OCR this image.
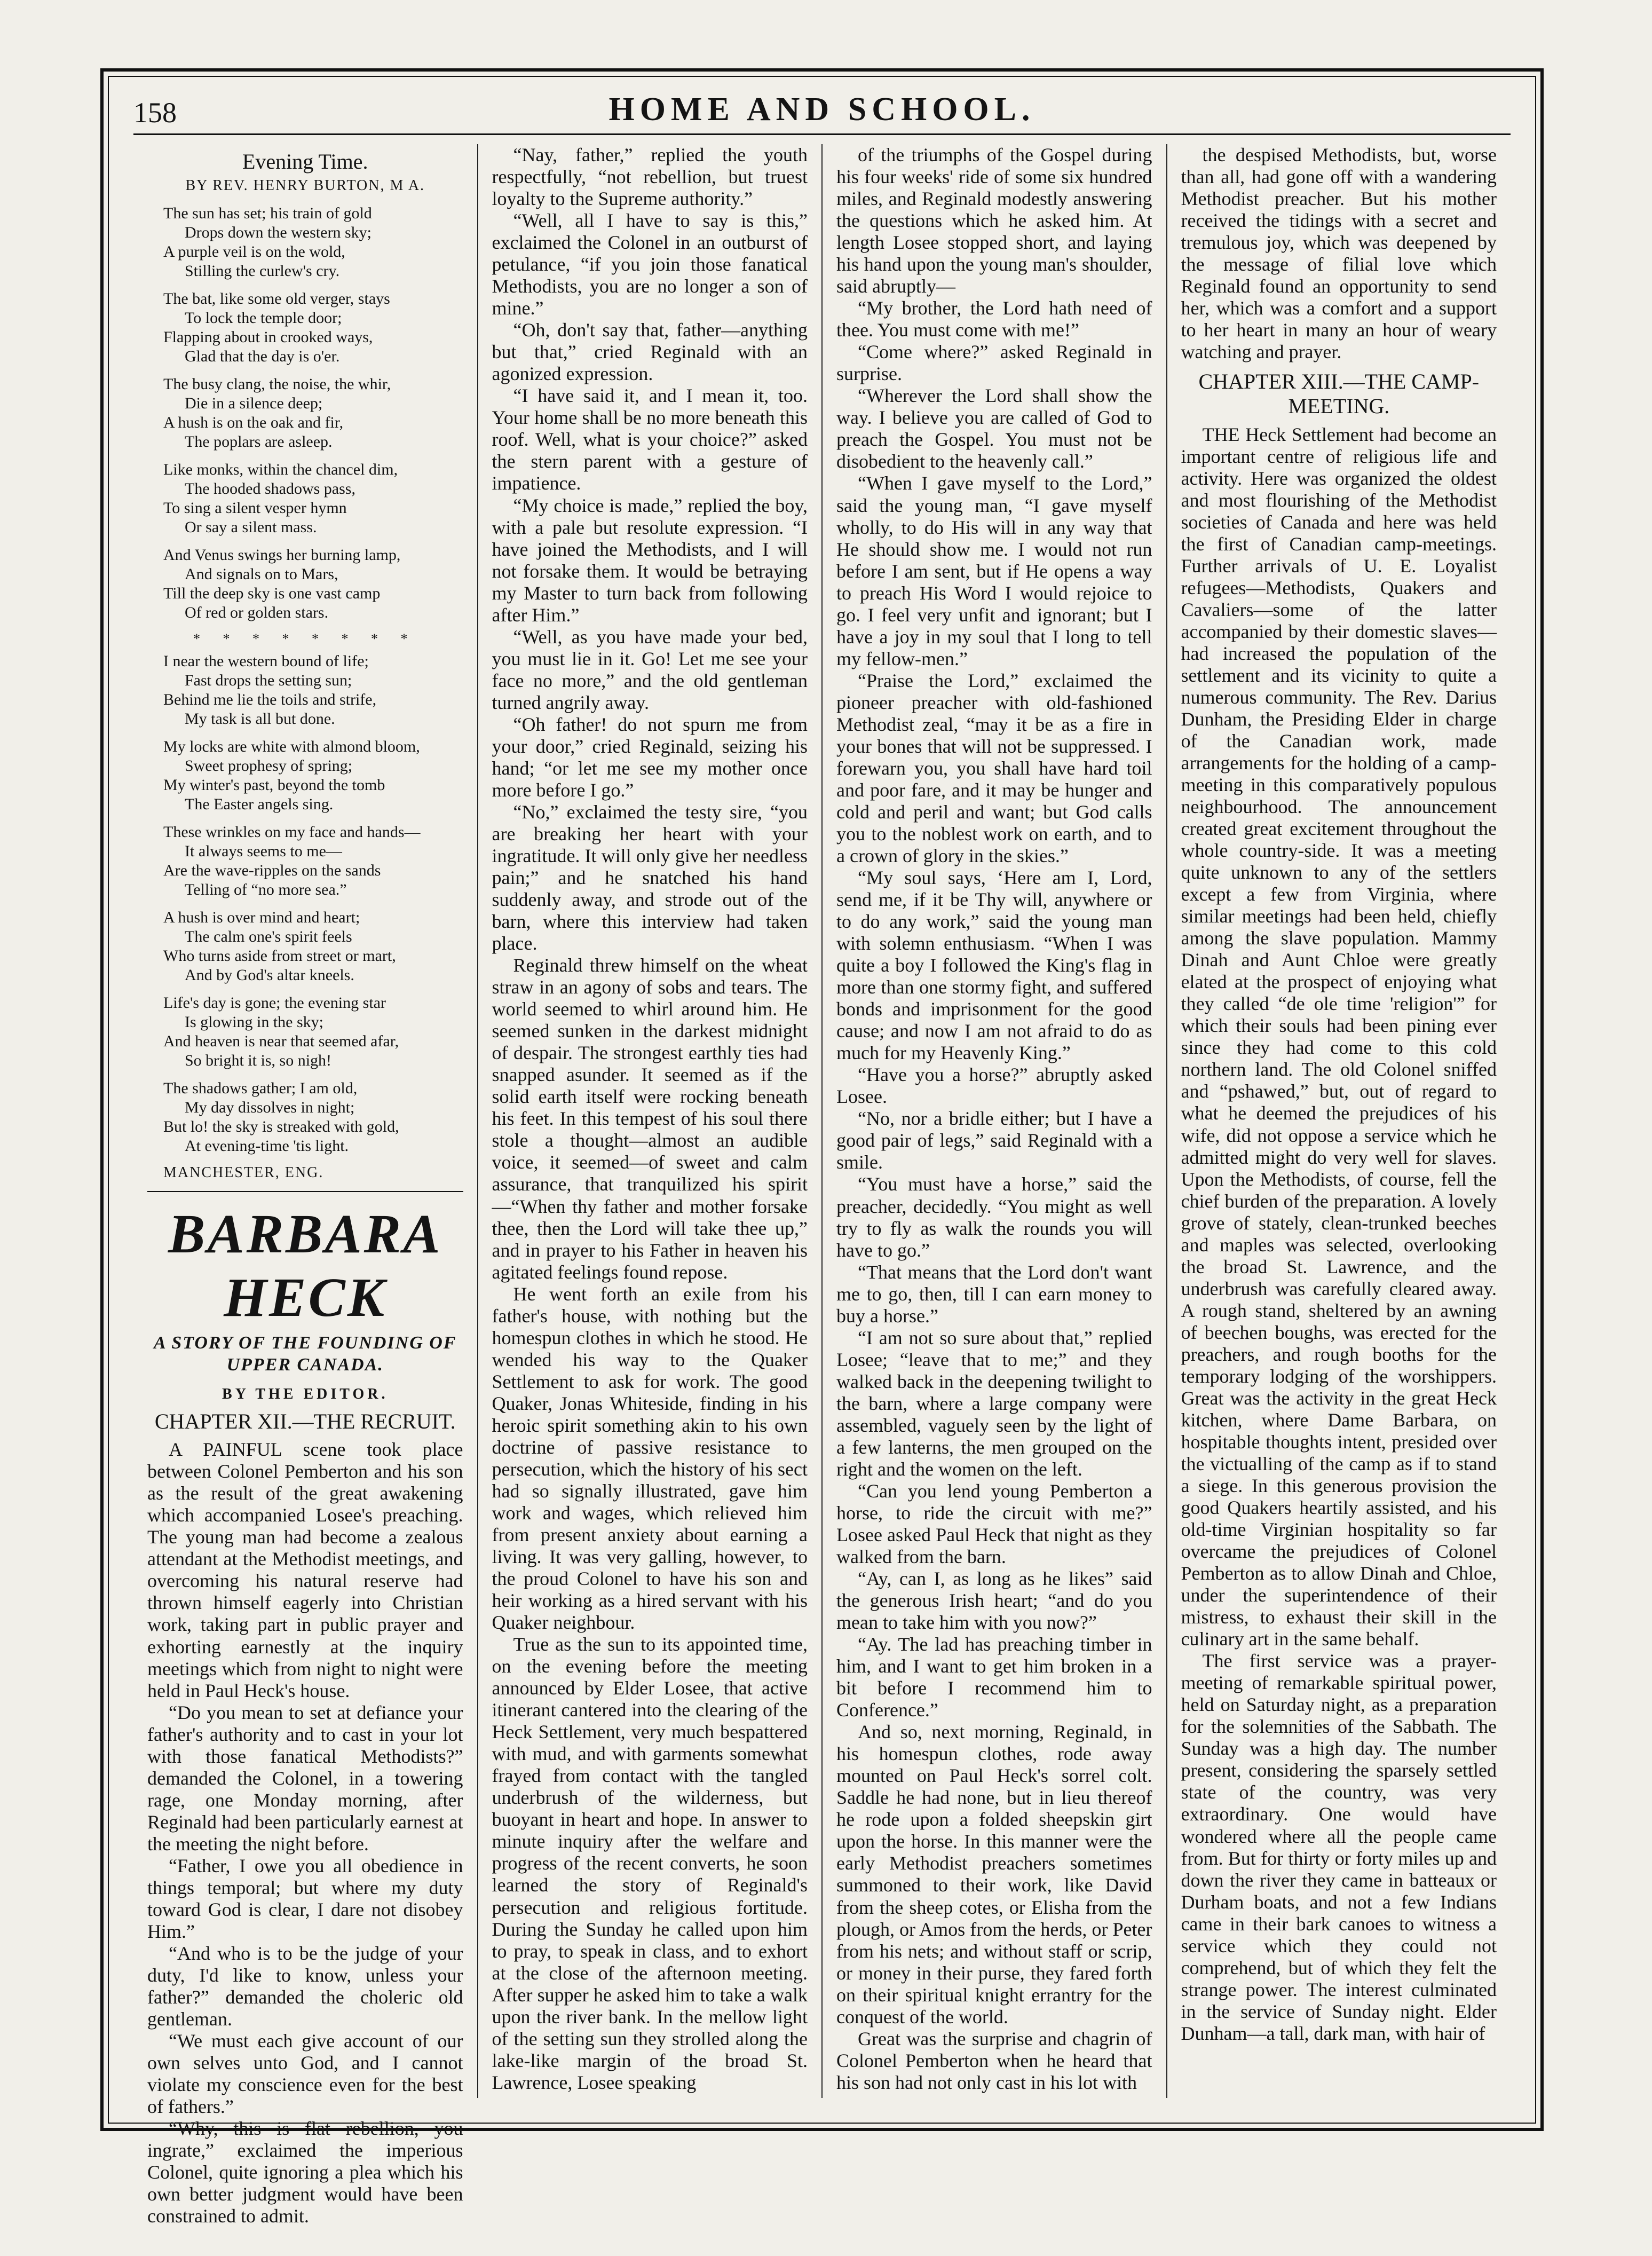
158	HOME AND SCHOOL.
Evening Time.
BY REV. HENRY BURTON, M A.
The sun has set; his train of gold
Drops down the western sky;
A purple veil is on the wold,
Stilling the curlew's cry.
The bat, like some old verger, stays
To lock the temple door;
Flapping about in crooked ways,
Glad that the day is o'er.
The busy clang, the noise, the whir,
Die in a silence deep;
A hush is on the oak and fir,
The poplars are asleep.
Like monks, within the chancel dim,
The hooded shadows pass,
To sing a silent vesper hymn
Or say a silent mass.
And Venus swings her burning lamp,
And signals on to Mars,
Till the deep sky is one vast camp
Of red or golden stars.
* * * * * * * *
I near the western bound of life;
Fast drops the setting sun;
Behind me lie the toils and strife,
My task is all but done.
My locks are white with almond bloom,
Sweet prophesy of spring;
My winter's past, beyond the tomb
The Easter angels sing.
These wrinkles on my face and hands—
It always seems to me—
Are the wave-ripples on the sands
Telling of “no more sea.”
A hush is over mind and heart;
The calm one's spirit feels
Who turns aside from street or mart,
And by God's altar kneels.
Life's day is gone; the evening star
Is glowing in the sky;
And heaven is near that seemed afar,
So bright it is, so nigh!
The shadows gather; I am old,
My day dissolves in night;
But lo! the sky is streaked with gold,
At evening-time 'tis light.
MANCHESTER, ENG.
BARBARA HECK
A STORY OF THE FOUNDING OF UPPER CANADA.
BY THE EDITOR.
CHAPTER XII.—THE RECRUIT.

A PAINFUL scene took place between Colonel Pemberton and his son as the result of the great awakening which accompanied Losee's preaching. The young man had become a zealous attendant at the Methodist meetings, and overcoming his natural reserve had thrown himself eagerly into Christian work, taking part in public prayer and exhorting earnestly at the inquiry meetings which from night to night were held in Paul Heck's house.

“Do you mean to set at defiance your father's authority and to cast in your lot with those fanatical Methodists?” demanded the Colonel, in a towering rage, one Monday morning, after Reginald had been particularly earnest at the meeting the night before.

“Father, I owe you all obedience in things temporal; but where my duty toward God is clear, I dare not disobey Him.”

“And who is to be the judge of your duty, I'd like to know, unless your father?” demanded the choleric old gentleman.

“We must each give account of our own selves unto God, and I cannot violate my conscience even for the best of fathers.”

“Why, this is flat rebellion, you ingrate,” exclaimed the imperious Colonel, quite ignoring a plea which his own better judgment would have been constrained to admit.

“Nay, father,” replied the youth respectfully, “not rebellion, but truest loyalty to the Supreme authority.”

“Well, all I have to say is this,” exclaimed the Colonel in an outburst of petulance, “if you join those fanatical Methodists, you are no longer a son of mine.”

“Oh, don't say that, father—anything but that,” cried Reginald with an agonized expression.

“I have said it, and I mean it, too. Your home shall be no more beneath this roof. Well, what is your choice?” asked the stern parent with a gesture of impatience.

“My choice is made,” replied the boy, with a pale but resolute expression. “I have joined the Methodists, and I will not forsake them. It would be betraying my Master to turn back from following after Him.”

“Well, as you have made your bed, you must lie in it. Go! Let me see your face no more,” and the old gentleman turned angrily away.

“Oh father! do not spurn me from your door,” cried Reginald, seizing his hand; “or let me see my mother once more before I go.”

“No,” exclaimed the testy sire, “you are breaking her heart with your ingratitude. It will only give her needless pain;” and he snatched his hand suddenly away, and strode out of the barn, where this interview had taken place.

Reginald threw himself on the wheat straw in an agony of sobs and tears. The world seemed to whirl around him. He seemed sunken in the darkest midnight of despair. The strongest earthly ties had snapped asunder. It seemed as if the solid earth itself were rocking beneath his feet. In this tempest of his soul there stole a thought—almost an audible voice, it seemed—of sweet and calm assurance, that tranquilized his spirit—“When thy father and mother forsake thee, then the Lord will take thee up,” and in prayer to his Father in heaven his agitated feelings found repose.

He went forth an exile from his father's house, with nothing but the homespun clothes in which he stood. He wended his way to the Quaker Settlement to ask for work. The good Quaker, Jonas Whiteside, finding in his heroic spirit something akin to his own doctrine of passive resistance to persecution, which the history of his sect had so signally illustrated, gave him work and wages, which relieved him from present anxiety about earning a living. It was very galling, however, to the proud Colonel to have his son and heir working as a hired servant with his Quaker neighbour.

True as the sun to its appointed time, on the evening before the meeting announced by Elder Losee, that active itinerant cantered into the clearing of the Heck Settlement, very much bespattered with mud, and with garments somewhat frayed from contact with the tangled underbrush of the wilderness, but buoyant in heart and hope. In answer to minute inquiry after the welfare and progress of the recent converts, he soon learned the story of Reginald's persecution and religious fortitude. During the Sunday he called upon him to pray, to speak in class, and to exhort at the close of the afternoon meeting. After supper he asked him to take a walk upon the river bank. In the mellow light of the setting sun they strolled along the lake-like margin of the broad St. Lawrence, Losee speaking

of the triumphs of the Gospel during his four weeks' ride of some six hundred miles, and Reginald modestly answering the questions which he asked him. At length Losee stopped short, and laying his hand upon the young man's shoulder, said abruptly—

“My brother, the Lord hath need of thee. You must come with me!”

“Come where?” asked Reginald in surprise.

“Wherever the Lord shall show the way. I believe you are called of God to preach the Gospel. You must not be disobedient to the heavenly call.”

“When I gave myself to the Lord,” said the young man, “I gave myself wholly, to do His will in any way that He should show me. I would not run before I am sent, but if He opens a way to preach His Word I would rejoice to go. I feel very unfit and ignorant; but I have a joy in my soul that I long to tell my fellow-men.”

“Praise the Lord,” exclaimed the pioneer preacher with old-fashioned Methodist zeal, “may it be as a fire in your bones that will not be suppressed. I forewarn you, you shall have hard toil and poor fare, and it may be hunger and cold and peril and want; but God calls you to the noblest work on earth, and to a crown of glory in the skies.”

“My soul says, ‘Here am I, Lord, send me, if it be Thy will, anywhere or to do any work,” said the young man with solemn enthusiasm. “When I was quite a boy I followed the King's flag in more than one stormy fight, and suffered bonds and imprisonment for the good cause; and now I am not afraid to do as much for my Heavenly King.”

“Have you a horse?” abruptly asked Losee.

“No, nor a bridle either; but I have a good pair of legs,” said Reginald with a smile.

“You must have a horse,” said the preacher, decidedly. “You might as well try to fly as walk the rounds you will have to go.”

“That means that the Lord don't want me to go, then, till I can earn money to buy a horse.”

“I am not so sure about that,” replied Losee; “leave that to me;” and they walked back in the deepening twilight to the barn, where a large company were assembled, vaguely seen by the light of a few lanterns, the men grouped on the right and the women on the left.

“Can you lend young Pemberton a horse, to ride the circuit with me?” Losee asked Paul Heck that night as they walked from the barn.

“Ay, can I, as long as he likes” said the generous Irish heart; “and do you mean to take him with you now?”

“Ay. The lad has preaching timber in him, and I want to get him broken in a bit before I recommend him to Conference.”

And so, next morning, Reginald, in his homespun clothes, rode away mounted on Paul Heck's sorrel colt. Saddle he had none, but in lieu thereof he rode upon a folded sheepskin girt upon the horse. In this manner were the early Methodist preachers sometimes summoned to their work, like David from the sheep cotes, or Elisha from the plough, or Amos from the herds, or Peter from his nets; and without staff or scrip, or money in their purse, they fared forth on their spiritual knight errantry for the conquest of the world.

Great was the surprise and chagrin of Colonel Pemberton when he heard that his son had not only cast in his lot with

the despised Methodists, but, worse than all, had gone off with a wandering Methodist preacher. But his mother received the tidings with a secret and tremulous joy, which was deepened by the message of filial love which Reginald found an opportunity to send her, which was a comfort and a support to her heart in many an hour of weary watching and prayer.

CHAPTER XIII.—THE CAMP-MEETING.

THE Heck Settlement had become an important centre of religious life and activity. Here was organized the oldest and most flourishing of the Methodist societies of Canada and here was held the first of Canadian camp-meetings. Further arrivals of U. E. Loyalist refugees—Methodists, Quakers and Cavaliers—some of the latter accompanied by their domestic slaves—had increased the population of the settlement and its vicinity to quite a numerous community. The Rev. Darius Dunham, the Presiding Elder in charge of the Canadian work, made arrangements for the holding of a camp-meeting in this comparatively populous neighbourhood. The announcement created great excitement throughout the whole country-side. It was a meeting quite unknown to any of the settlers except a few from Virginia, where similar meetings had been held, chiefly among the slave population. Mammy Dinah and Aunt Chloe were greatly elated at the prospect of enjoying what they called “de ole time 'religion'” for which their souls had been pining ever since they had come to this cold northern land. The old Colonel sniffed and “pshawed,” but, out of regard to what he deemed the prejudices of his wife, did not oppose a service which he admitted might do very well for slaves. Upon the Methodists, of course, fell the chief burden of the preparation. A lovely grove of stately, clean-trunked beeches and maples was selected, overlooking the broad St. Lawrence, and the underbrush was carefully cleared away. A rough stand, sheltered by an awning of beechen boughs, was erected for the preachers, and rough booths for the temporary lodging of the worshippers. Great was the activity in the great Heck kitchen, where Dame Barbara, on hospitable thoughts intent, presided over the victualling of the camp as if to stand a siege. In this generous provision the good Quakers heartily assisted, and his old-time Virginian hospitality so far overcame the prejudices of Colonel Pemberton as to allow Dinah and Chloe, under the superintendence of their mistress, to exhaust their skill in the culinary art in the same behalf.

The first service was a prayer-meeting of remarkable spiritual power, held on Saturday night, as a preparation for the solemnities of the Sabbath. The Sunday was a high day. The number present, considering the sparsely settled state of the country, was very extraordinary. One would have wondered where all the people came from. But for thirty or forty miles up and down the river they came in batteaux or Durham boats, and not a few Indians came in their bark canoes to witness a service which they could not comprehend, but of which they felt the strange power. The interest culminated in the service of Sunday night. Elder Dunham—a tall, dark man, with hair of
